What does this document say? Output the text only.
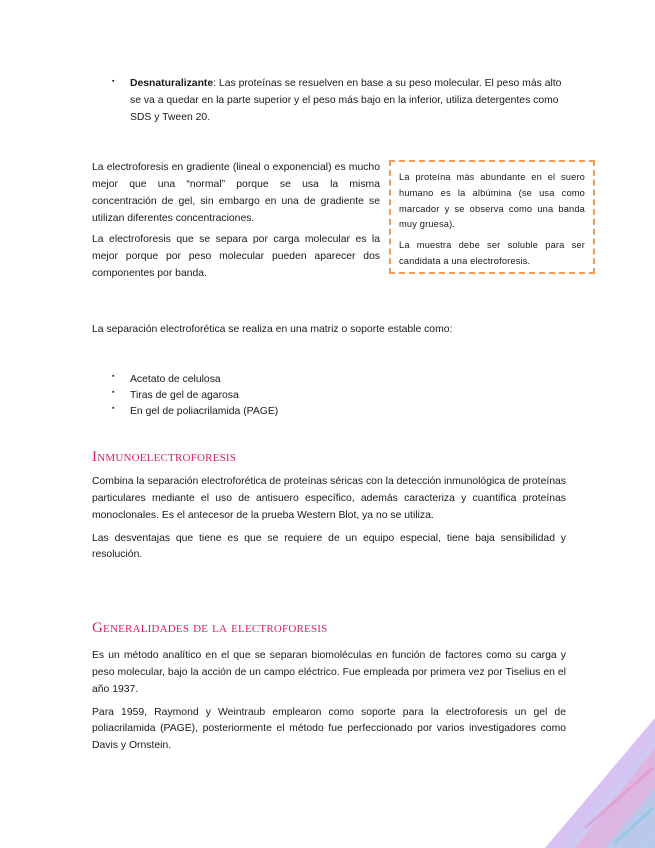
▪ Desnaturalizante: Las proteínas se resuelven en base a su peso molecular. El peso más alto se va a quedar en la parte superior y el peso más bajo en la inferior, utiliza detergentes como SDS y Tween 20.

La electroforesis en gradiente (lineal o exponencial) es mucho mejor que una “normal” porque se usa la misma concentración de gel, sin embargo en una de gradiente se utilizan diferentes concentraciones.

La electroforesis que se separa por carga molecular es la mejor porque por peso molecular pueden aparecer dos componentes por banda.

La proteína más abundante en el suero humano es la albúmina (se usa como marcador y se observa como una banda muy gruesa).

La muestra debe ser soluble para ser candidata a una electroforesis.

La separación electroforética se realiza en una matriz o soporte estable como:
▪ Acetato de celulosa
▪ Tiras de gel de agarosa
▪ En gel de poliacrilamida (PAGE)
Inmunoelectroforesis

Combina la separación electroforética de proteínas séricas con la detección inmunológica de proteínas particulares mediante el uso de antisuero específico, además caracteriza y cuantifica proteínas monoclonales. Es el antecesor de la prueba Western Blot, ya no se utiliza.

Las desventajas que tiene es que se requiere de un equipo especial, tiene baja sensibilidad y resolución.

Generalidades de la electroforesis

Es un método analítico en el que se separan biomoléculas en función de factores como su carga y peso molecular, bajo la acción de un campo eléctrico. Fue empleada por primera vez por Tiselius en el año 1937.

Para 1959, Raymond y Weintraub emplearon como soporte para la electroforesis un gel de poliacrilamida (PAGE), posteriormente el método fue perfeccionado por varios investigadores como Davis y Ornstein.
